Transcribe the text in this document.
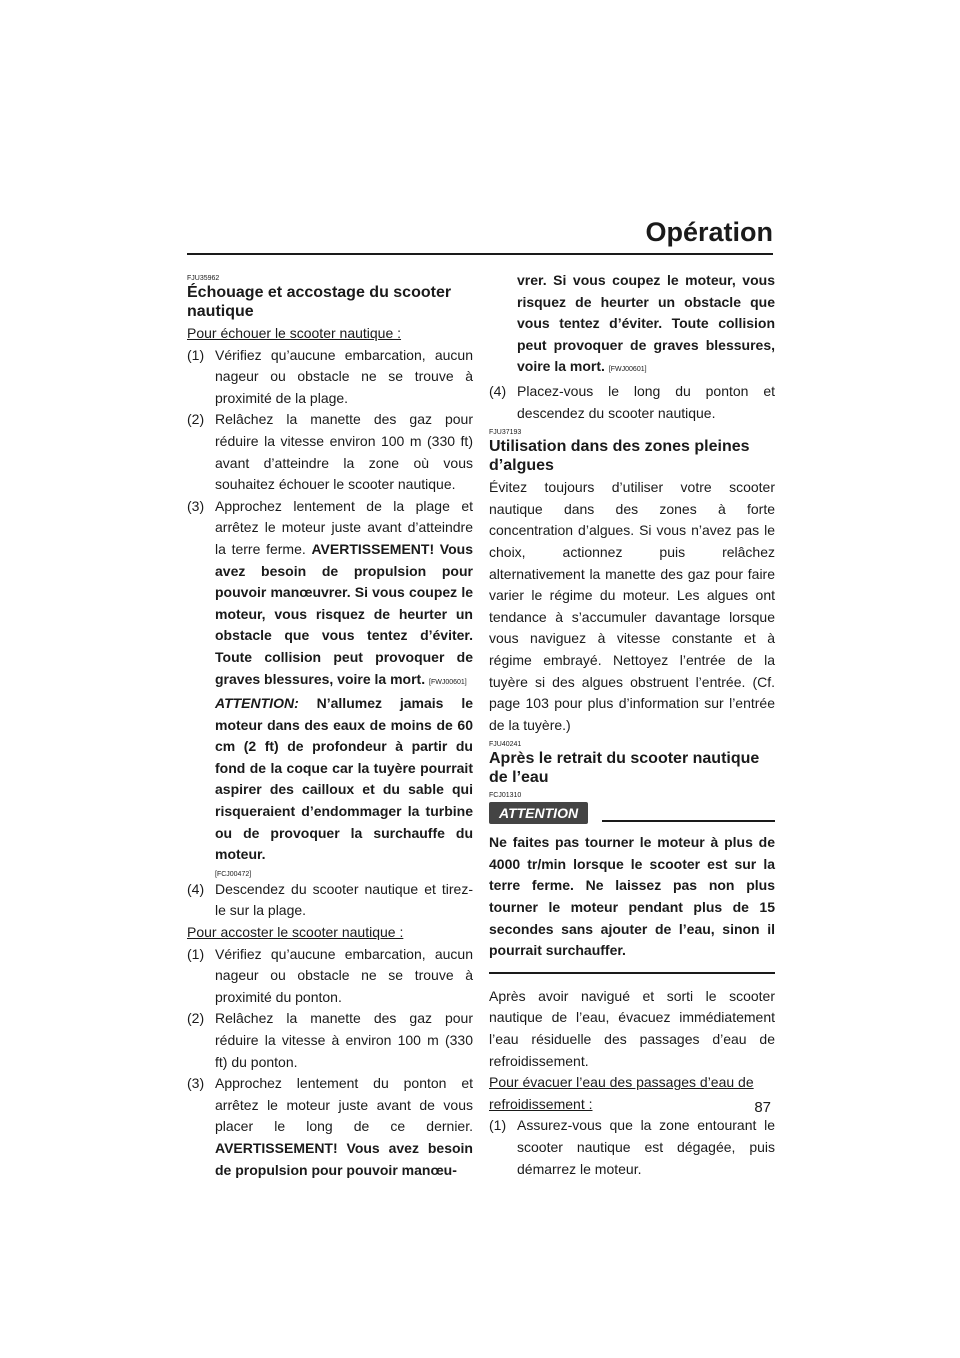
Opération
FJU35962
Échouage et accostage du scooter nautique
Pour échouer le scooter nautique :
(1) Vérifiez qu’aucune embarcation, aucun nageur ou obstacle ne se trouve à proximité de la plage.
(2) Relâchez la manette des gaz pour réduire la vitesse environ 100 m (330 ft) avant d’atteindre la zone où vous souhaitez échouer le scooter nautique.
(3) Approchez lentement de la plage et arrêtez le moteur juste avant d’atteindre la terre ferme. AVERTISSEMENT! Vous avez besoin de propulsion pour pouvoir manœuvrer. Si vous coupez le moteur, vous risquez de heurter un obstacle que vous tentez d’éviter. Toute collision peut provoquer de graves blessures, voire la mort. [FWJ00601]
ATTENTION: N’allumez jamais le moteur dans des eaux de moins de 60 cm (2 ft) de profondeur à partir du fond de la coque car la tuyère pourrait aspirer des cailloux et du sable qui risqueraient d’endommager la turbine ou de provoquer la surchauffe du moteur.
[FCJ00472]
(4) Descendez du scooter nautique et tirez-le sur la plage.
Pour accoster le scooter nautique :
(1) Vérifiez qu’aucune embarcation, aucun nageur ou obstacle ne se trouve à proximité du ponton.
(2) Relâchez la manette des gaz pour réduire la vitesse à environ 100 m (330 ft) du ponton.
(3) Approchez lentement du ponton et arrêtez le moteur juste avant de vous placer le long de ce dernier. AVERTISSEMENT! Vous avez besoin de propulsion pour pouvoir manœu-
vrer. Si vous coupez le moteur, vous risquez de heurter un obstacle que vous tentez d’éviter. Toute collision peut provoquer de graves blessures, voire la mort. [FWJ00601]
(4) Placez-vous le long du ponton et descendez du scooter nautique.
FJU37193
Utilisation dans des zones pleines d’algues
Évitez toujours d’utiliser votre scooter nautique dans des zones à forte concentration d’algues. Si vous n’avez pas le choix, actionnez puis relâchez alternativement la manette des gaz pour faire varier le régime du moteur. Les algues ont tendance à s’accumuler davantage lorsque vous naviguez à vitesse constante et à régime embrayé. Nettoyez l’entrée de la tuyère si des algues obstruent l’entrée. (Cf. page 103 pour plus d’information sur l’entrée de la tuyère.)
FJU40241
Après le retrait du scooter nautique de l’eau
FCJ01310
ATTENTION
Ne faites pas tourner le moteur à plus de 4000 tr/min lorsque le scooter est sur la terre ferme. Ne laissez pas non plus tourner le moteur pendant plus de 15 secondes sans ajouter de l’eau, sinon il pourrait surchauffer.
Après avoir navigué et sorti le scooter nautique de l’eau, évacuez immédiatement l’eau résiduelle des passages d’eau de refroidissement.
Pour évacuer l’eau des passages d’eau de refroidissement :
(1) Assurez-vous que la zone entourant le scooter nautique est dégagée, puis démarrez le moteur.
87
